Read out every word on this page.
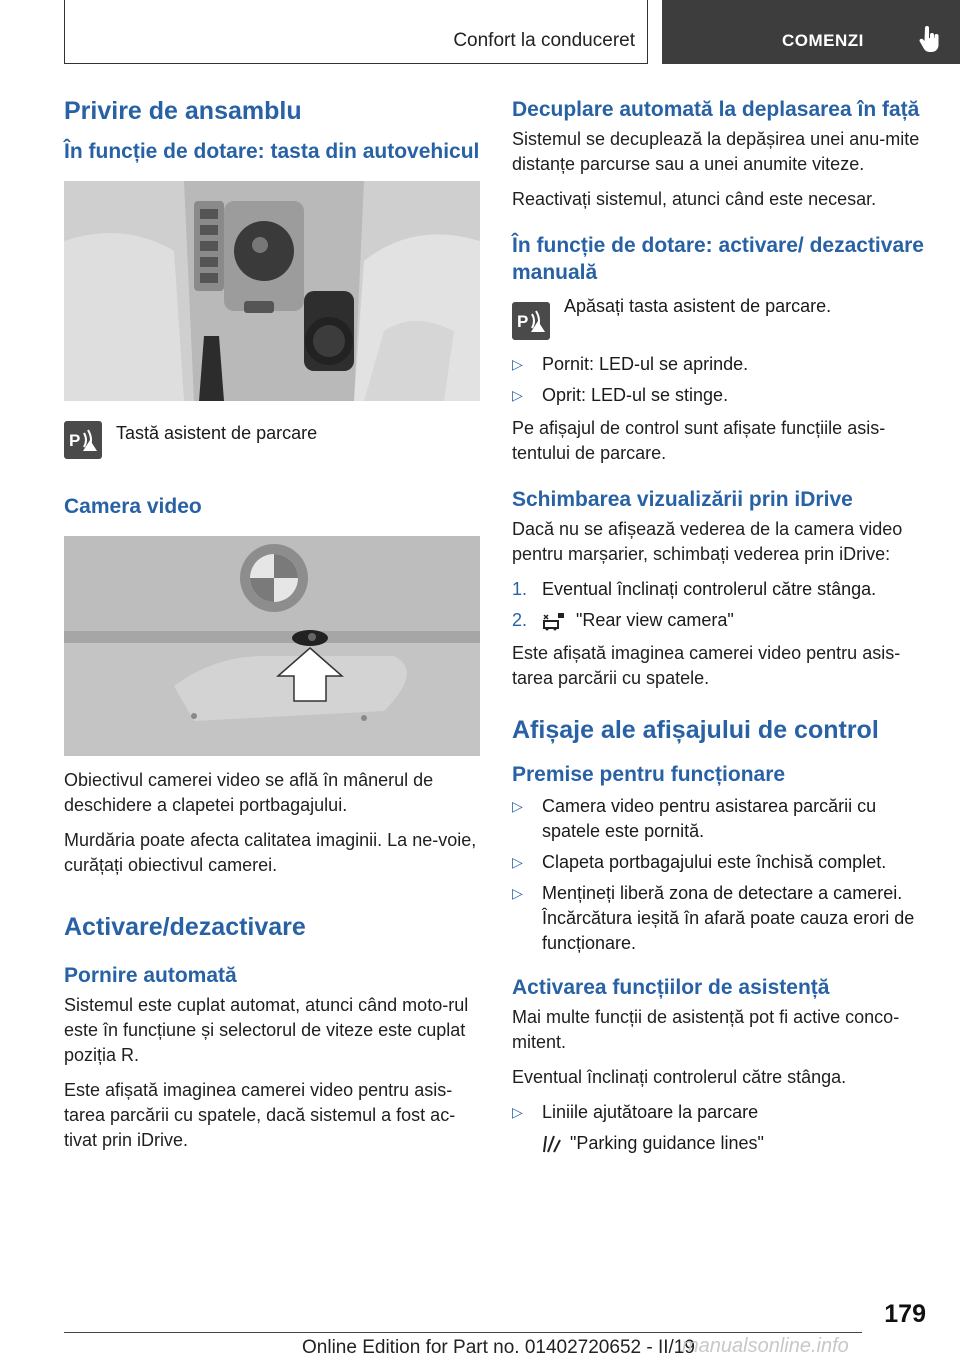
Confort la conduceret	COMENZI
Privire de ansamblu
În funcție de dotare: tasta din autovehicul
P Tastă asistent de parcare
Camera video

Obiectivul camerei video se află în mânerul de deschidere a clapetei portbagajului.

Murdăria poate afecta calitatea imaginii. La ne‐voie, curățați obiectivul camerei.

Activare/dezactivare
Pornire automată

Sistemul este cuplat automat, atunci când moto‐rul este în funcțiune și selectorul de viteze este cuplat poziția R.

Este afișată imaginea camerei video pentru asis‐tarea parcării cu spatele, dacă sistemul a fost ac‐tivat prin iDrive.

Decuplare automată la deplasarea în față

Sistemul se decuplează la depășirea unei anu‐mite distanțe parcurse sau a unei anumite viteze.

Reactivați sistemul, atunci când este necesar.

În funcție de dotare: activare/ dezactivare manuală
P
Apăsați tasta asistent de parcare.
▷ Pornit: LED-ul se aprinde.
▷ Oprit: LED-ul se stinge.

Pe afișajul de control sunt afișate funcțiile asis‐tentului de parcare.

Schimbarea vizualizării prin iDrive

Dacă nu se afișează vederea de la camera video pentru marșarier, schimbați vederea prin iDrive:

1. Eventual înclinați controlerul către stânga.
2.	"Rear view camera"

Este afișată imaginea camerei video pentru asis‐tarea parcării cu spatele.

Afișaje ale afișajului de control
Premise pentru funcționare
▷ Camera video pentru asistarea parcării cu spatele este pornită.
▷ Clapeta portbagajului este închisă complet.
▷ Mențineți liberă zona de detectare a camerei. Încărcătura ieșită în afară poate cauza erori de funcționare.
Activarea funcțiilor de asistență

Mai multe funcții de asistență pot fi active conco‐mitent.

Eventual înclinați controlerul către stânga.

▷ Liniile ajutătoare la parcare
"Parking guidance lines"
179
Online Edition for Part no. 01402720652 - II/19
manualsonline.info
